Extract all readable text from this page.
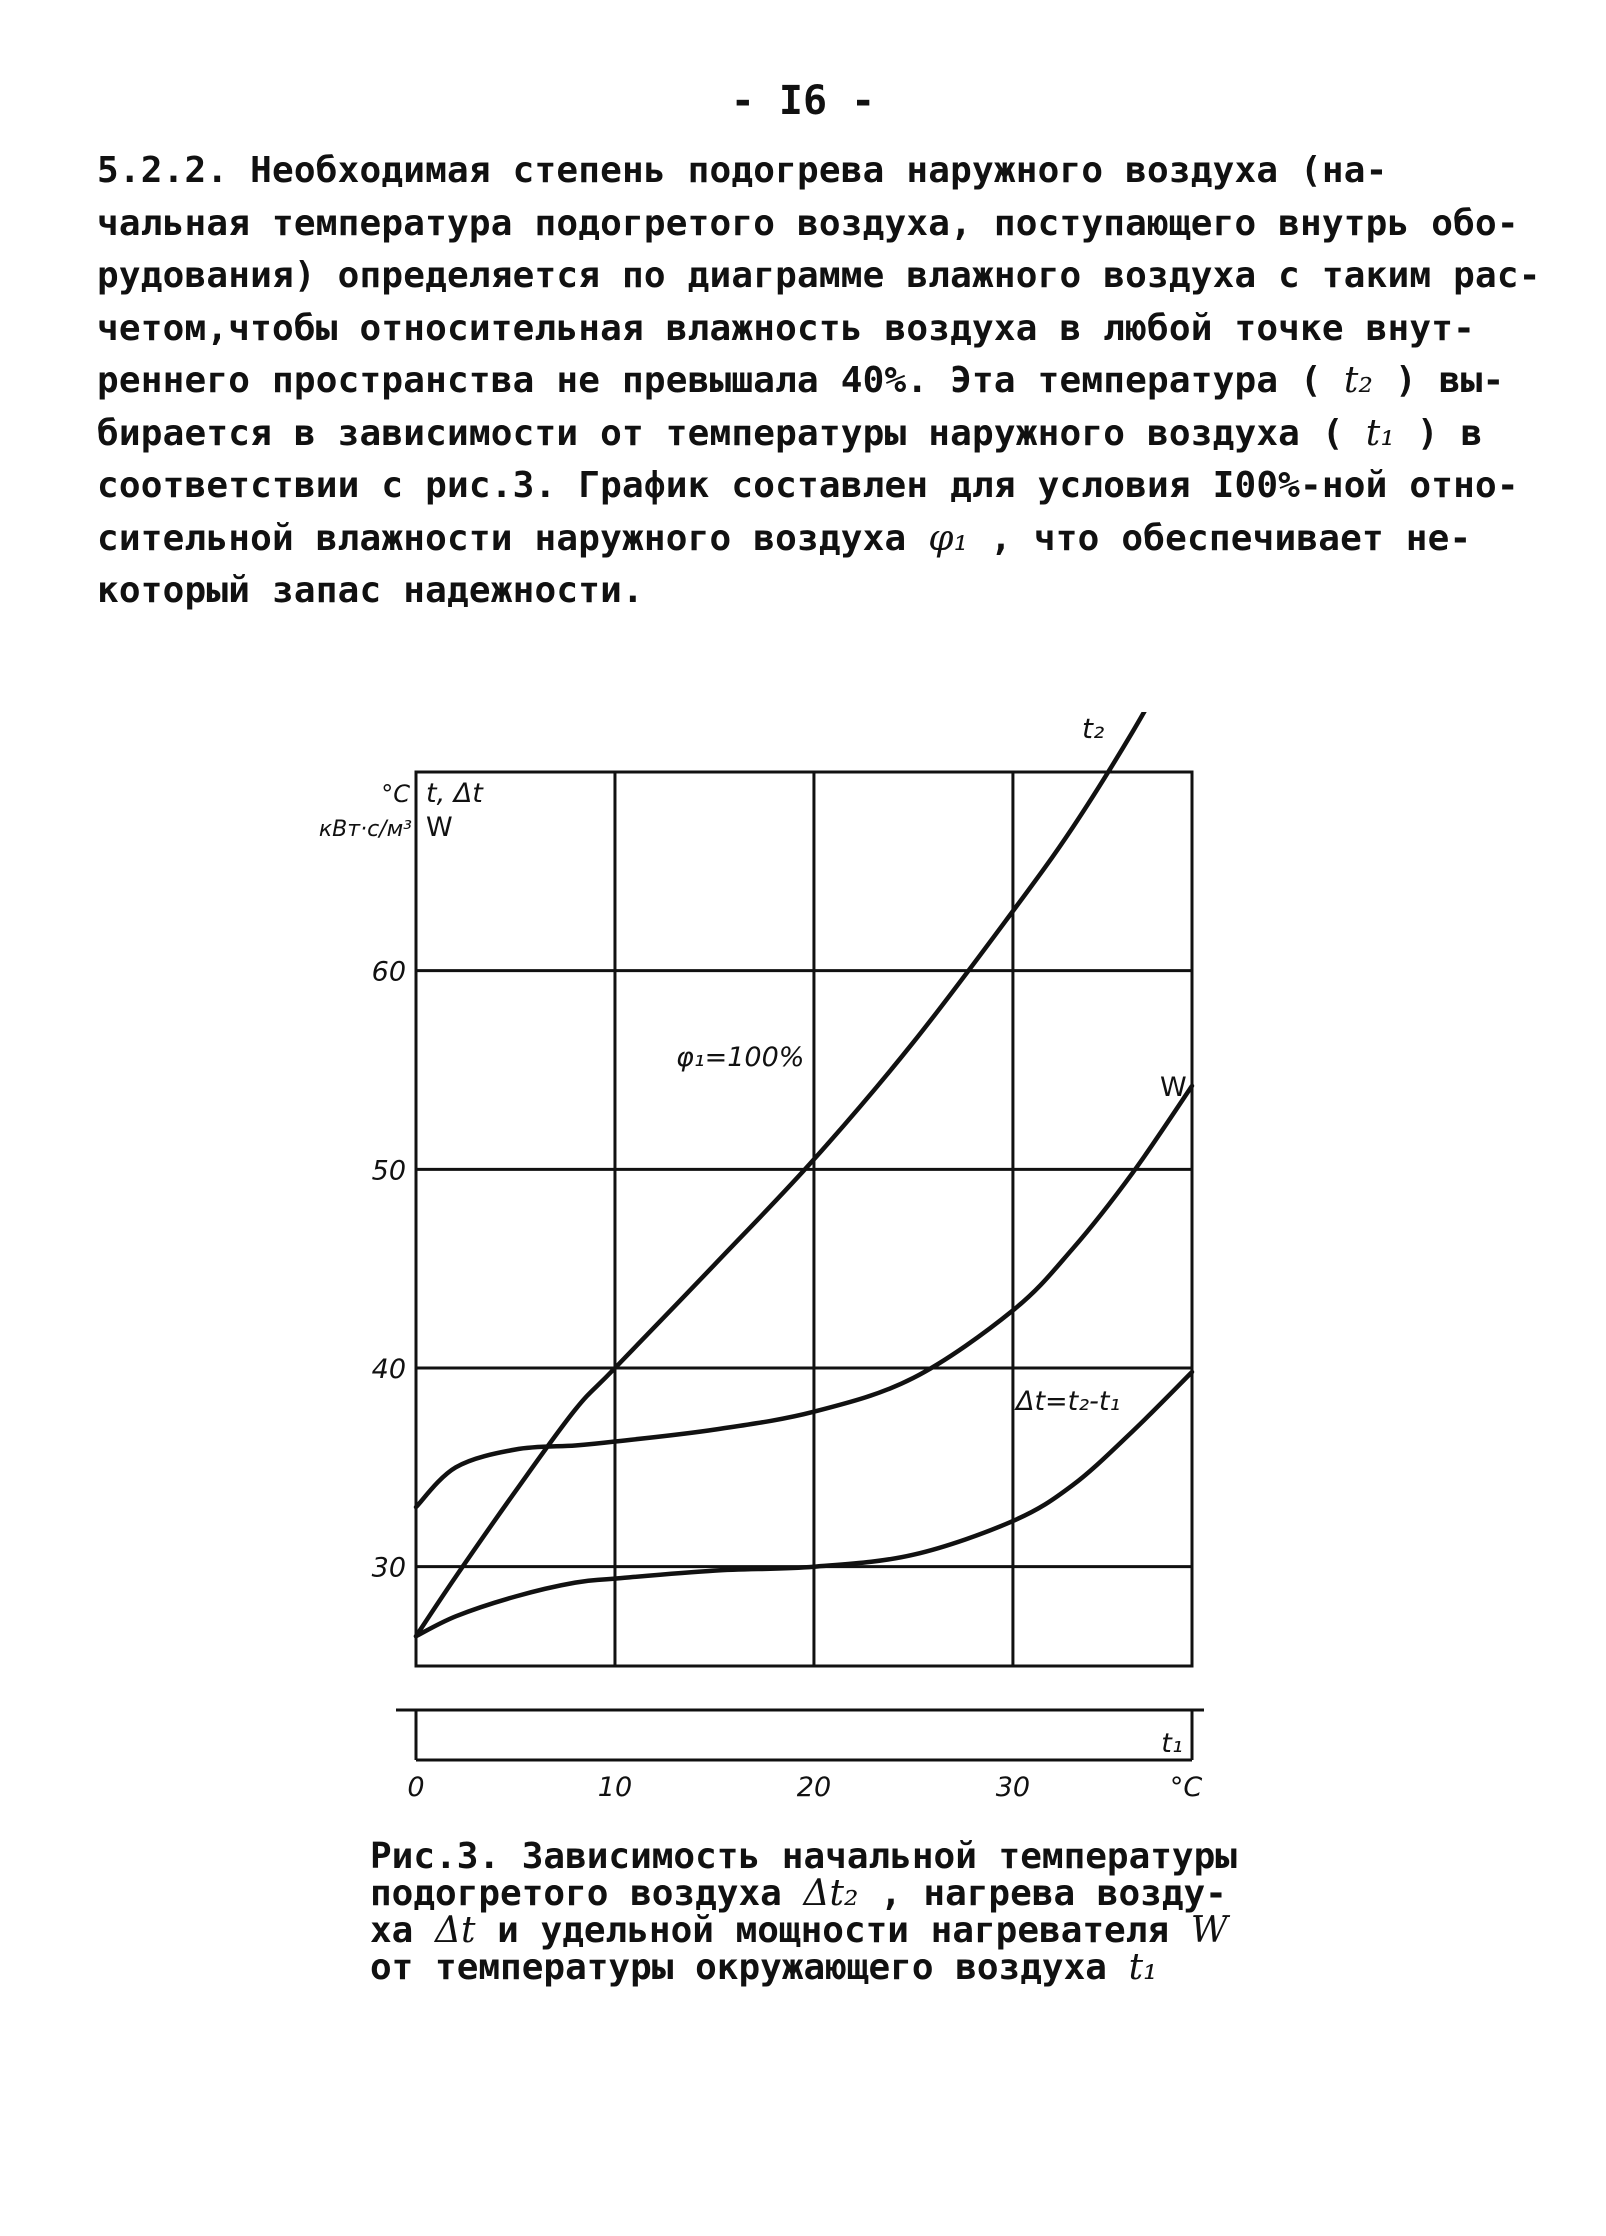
- I6 -

5.2.2. Необходимая степень подогрева наружного воздуха (на-
чальная температура подогретого воздуха, поступающего внутрь обо-
рудования) определяется по диаграмме влажного воздуха с таким рас-
четом,чтобы относительная влажность воздуха в любой точке внут-
реннего пространства не превышала 40%. Эта температура ( t₂ ) вы-
бирается в зависимости от температуры наружного воздуха ( t₁ ) в
соответствии с рис.3. График составлен для условия I00%-ной отно-
сительной влажности наружного воздуха φ₁ , что обеспечивает не-
который запас надежности.

30
40
50
60
°C
кВт·с/м³
t, Δt
W
t₂
W
Δt=t₂-t₁
φ₁=100%
0	10	20	30	°C
t₁

Рис.3. Зависимость начальной температуры
подогретого воздуха Δt₂ , нагрева возду-
ха Δt и удельной мощности нагревателя W
от температуры окружающего воздуха t₁
